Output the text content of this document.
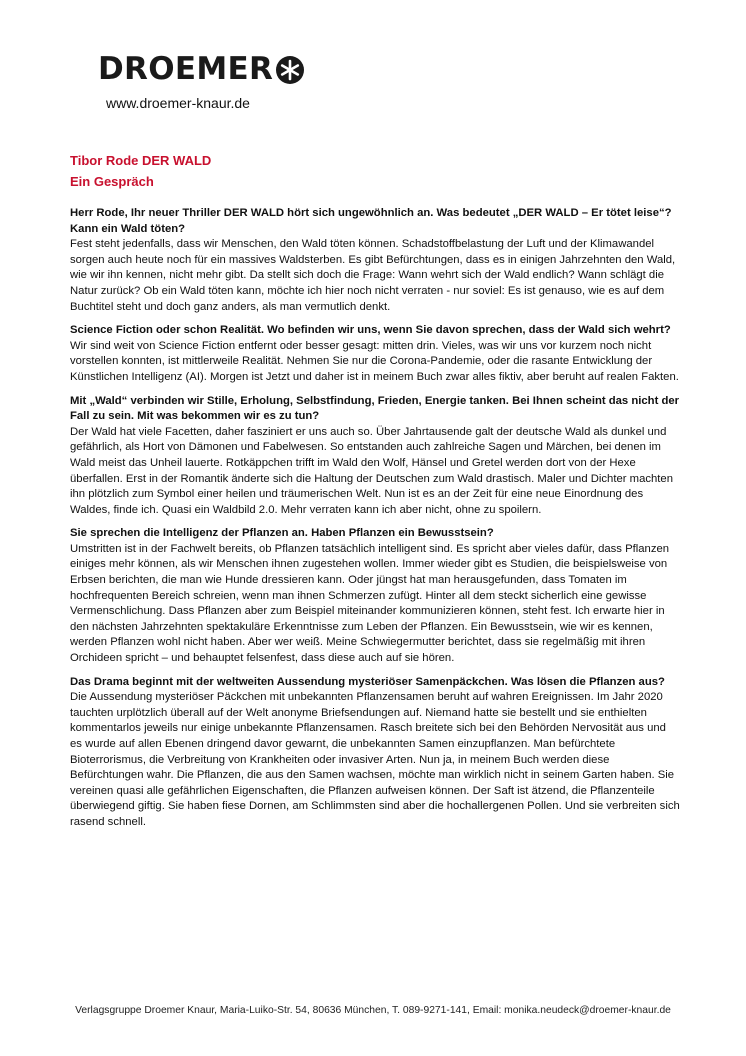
DROEMER
www.droemer-knaur.de
Tibor Rode DER WALD
Ein Gespräch

Herr Rode, Ihr neuer Thriller DER WALD hört sich ungewöhnlich an. Was bedeutet „DER WALD – Er tötet leise“? Kann ein Wald töten?

Fest steht jedenfalls, dass wir Menschen, den Wald töten können. Schadstoffbelastung der Luft und der Klimawandel sorgen auch heute noch für ein massives Waldsterben. Es gibt Befürchtungen, dass es in einigen Jahrzehnten den Wald, wie wir ihn kennen, nicht mehr gibt. Da stellt sich doch die Frage: Wann wehrt sich der Wald endlich? Wann schlägt die Natur zurück? Ob ein Wald töten kann, möchte ich hier noch nicht verraten - nur soviel: Es ist genauso, wie es auf dem Buchtitel steht und doch ganz anders, als man vermutlich denkt.

Science Fiction oder schon Realität. Wo befinden wir uns, wenn Sie davon sprechen, dass der Wald sich wehrt?

Wir sind weit von Science Fiction entfernt oder besser gesagt: mitten drin. Vieles, was wir uns vor kurzem noch nicht vorstellen konnten, ist mittlerweile Realität. Nehmen Sie nur die Corona-Pandemie, oder die rasante Entwicklung der Künstlichen Intelligenz (AI). Morgen ist Jetzt und daher ist in meinem Buch zwar alles fiktiv, aber beruht auf realen Fakten.

Mit „Wald“ verbinden wir Stille, Erholung, Selbstfindung, Frieden, Energie tanken. Bei Ihnen scheint das nicht der Fall zu sein. Mit was bekommen wir es zu tun?

Der Wald hat viele Facetten, daher fasziniert er uns auch so. Über Jahrtausende galt der deutsche Wald als dunkel und gefährlich, als Hort von Dämonen und Fabelwesen. So entstanden auch zahlreiche Sagen und Märchen, bei denen im Wald meist das Unheil lauerte. Rotkäppchen trifft im Wald den Wolf, Hänsel und Gretel werden dort von der Hexe überfallen. Erst in der Romantik änderte sich die Haltung der Deutschen zum Wald drastisch. Maler und Dichter machten ihn plötzlich zum Symbol einer heilen und träumerischen Welt. Nun ist es an der Zeit für eine neue Einordnung des Waldes, finde ich. Quasi ein Waldbild 2.0. Mehr verraten kann ich aber nicht, ohne zu spoilern.

Sie sprechen die Intelligenz der Pflanzen an. Haben Pflanzen ein Bewusstsein?

Umstritten ist in der Fachwelt bereits, ob Pflanzen tatsächlich intelligent sind. Es spricht aber vieles dafür, dass Pflanzen einiges mehr können, als wir Menschen ihnen zugestehen wollen. Immer wieder gibt es Studien, die beispielsweise von Erbsen berichten, die man wie Hunde dressieren kann. Oder jüngst hat man herausgefunden, dass Tomaten im hochfrequenten Bereich schreien, wenn man ihnen Schmerzen zufügt. Hinter all dem steckt sicherlich eine gewisse Vermenschlichung. Dass Pflanzen aber zum Beispiel miteinander kommunizieren können, steht fest. Ich erwarte hier in den nächsten Jahrzehnten spektakuläre Erkenntnisse zum Leben der Pflanzen. Ein Bewusstsein, wie wir es kennen, werden Pflanzen wohl nicht haben. Aber wer weiß. Meine Schwiegermutter berichtet, dass sie regelmäßig mit ihren Orchideen spricht – und behauptet felsenfest, dass diese auch auf sie hören.

Das Drama beginnt mit der weltweiten Aussendung mysteriöser Samenpäckchen. Was lösen die Pflanzen aus?

Die Aussendung mysteriöser Päckchen mit unbekannten Pflanzensamen beruht auf wahren Ereignissen. Im Jahr 2020 tauchten urplötzlich überall auf der Welt anonyme Briefsendungen auf. Niemand hatte sie bestellt und sie enthielten kommentarlos jeweils nur einige unbekannte Pflanzensamen. Rasch breitete sich bei den Behörden Nervosität aus und es wurde auf allen Ebenen dringend davor gewarnt, die unbekannten Samen einzupflanzen. Man befürchtete Bioterrorismus, die Verbreitung von Krankheiten oder invasiver Arten. Nun ja, in meinem Buch werden diese Befürchtungen wahr. Die Pflanzen, die aus den Samen wachsen, möchte man wirklich nicht in seinem Garten haben. Sie vereinen quasi alle gefährlichen Eigenschaften, die Pflanzen aufweisen können. Der Saft ist ätzend, die Pflanzenteile überwiegend giftig. Sie haben fiese Dornen, am Schlimmsten sind aber die hochallergenen Pollen. Und sie verbreiten sich rasend schnell.

Verlagsgruppe Droemer Knaur, Maria-Luiko-Str. 54, 80636 München, T. 089-9271-141, Email: monika.neudeck@droemer-knaur.de
